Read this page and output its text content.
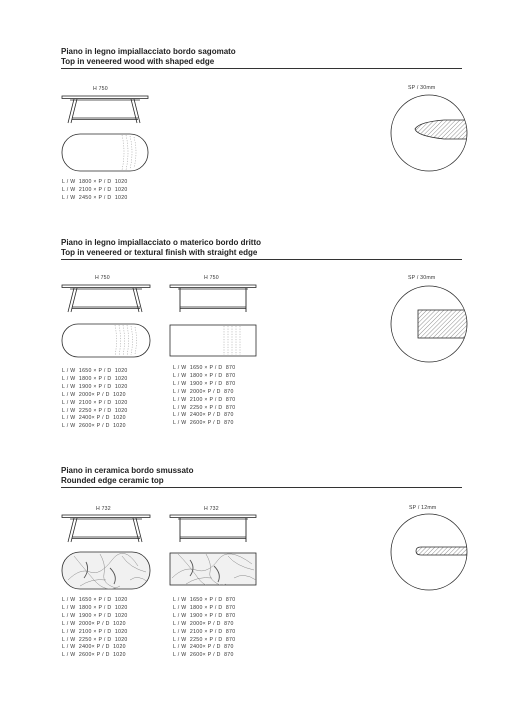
Piano in legno impiallacciato bordo sagomato
Top in veneered wood with shaped edge
H 750
L / W  1800 × P / D  1020
L / W  2100 × P / D  1020
L / W  2450 × P / D  1020
SP / 30mm
Piano in legno impiallacciato o materico bordo dritto
Top in veneered or textural finish with straight edge
H 750
L / W  1650 × P / D  1020
L / W  1800 × P / D  1020
L / W  1900 × P / D  1020
L / W  2000× P / D  1020
L / W  2100 × P / D  1020
L / W  2250 × P / D  1020
L / W  2400× P / D  1020
L / W  2600× P / D  1020
H 750
L / W  1650 × P / D  870
L / W  1800 × P / D  870
L / W  1900 × P / D  870
L / W  2000× P / D  870
L / W  2100 × P / D  870
L / W  2250 × P / D  870
L / W  2400× P / D  870
L / W  2600× P / D  870
SP / 30mm
Piano in ceramica bordo smussato
Rounded edge ceramic top
H 732
L / W  1650 × P / D  1020
L / W  1800 × P / D  1020
L / W  1900 × P / D  1020
L / W  2000× P / D  1020
L / W  2100 × P / D  1020
L / W  2250 × P / D  1020
L / W  2400× P / D  1020
L / W  2600× P / D  1020
H 732
L / W  1650 × P / D  870
L / W  1800 × P / D  870
L / W  1900 × P / D  870
L / W  2000× P / D  870
L / W  2100 × P / D  870
L / W  2250 × P / D  870
L / W  2400× P / D  870
L / W  2600× P / D  870
SP / 12mm
